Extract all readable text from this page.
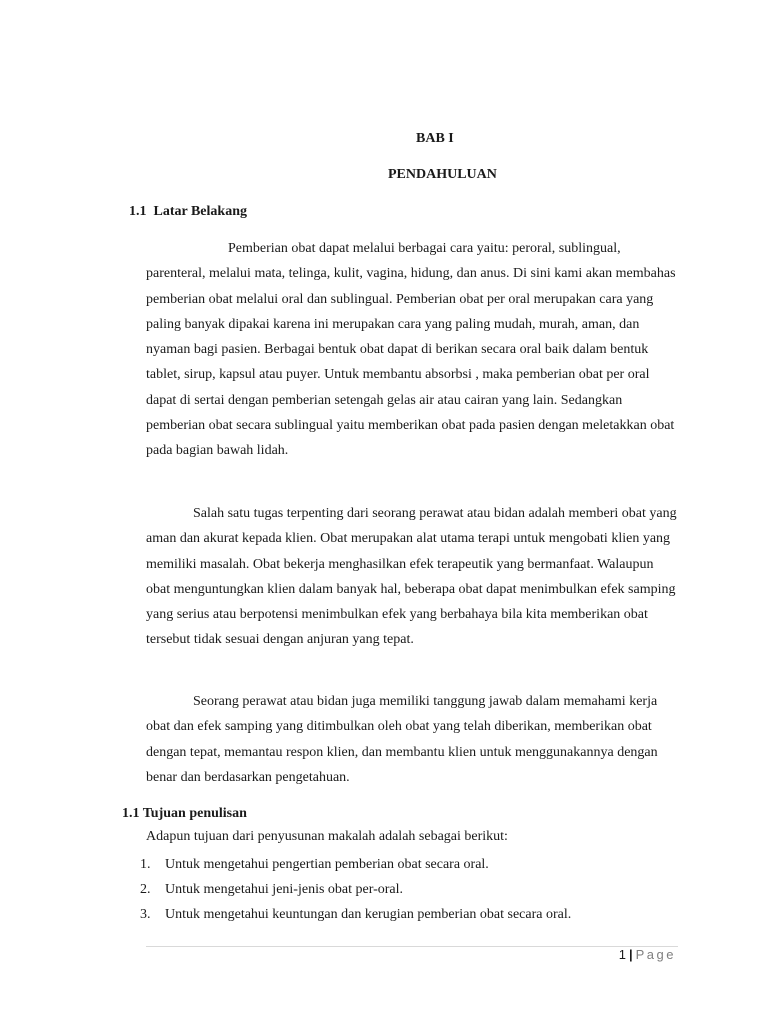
BAB I
PENDAHULUAN
1.1  Latar Belakang

Pemberian obat dapat melalui berbagai cara yaitu: peroral, sublingual, parenteral, melalui mata, telinga, kulit, vagina, hidung, dan anus. Di sini kami akan membahas pemberian obat melalui oral dan sublingual. Pemberian obat per oral merupakan cara yang paling banyak dipakai karena ini merupakan cara yang paling mudah, murah, aman, dan nyaman bagi pasien. Berbagai bentuk obat dapat di berikan secara oral baik dalam bentuk tablet, sirup, kapsul atau puyer. Untuk membantu absorbsi , maka pemberian obat per oral dapat di sertai dengan pemberian setengah gelas air atau cairan yang lain. Sedangkan pemberian obat secara sublingual yaitu memberikan obat pada pasien dengan meletakkan obat pada bagian bawah lidah.

Salah satu tugas terpenting dari seorang perawat atau bidan adalah memberi obat yang aman dan akurat kepada klien. Obat merupakan alat utama terapi untuk mengobati klien yang memiliki masalah. Obat bekerja menghasilkan efek terapeutik yang bermanfaat. Walaupun obat menguntungkan klien dalam banyak hal, beberapa obat dapat menimbulkan efek samping yang serius atau berpotensi menimbulkan efek yang berbahaya bila kita memberikan obat tersebut tidak sesuai dengan anjuran yang tepat.

Seorang perawat atau bidan juga memiliki tanggung jawab dalam memahami kerja obat dan efek samping yang ditimbulkan oleh obat yang telah diberikan, memberikan obat dengan tepat, memantau respon klien, dan membantu klien untuk menggunakannya dengan benar dan berdasarkan pengetahuan.

1.1 Tujuan penulisan
Adapun tujuan dari penyusunan makalah adalah sebagai berikut:
1. Untuk mengetahui pengertian pemberian obat secara oral.
2. Untuk mengetahui jeni-jenis obat per-oral.
3. Untuk mengetahui keuntungan dan kerugian pemberian obat secara oral.
1 | Page
